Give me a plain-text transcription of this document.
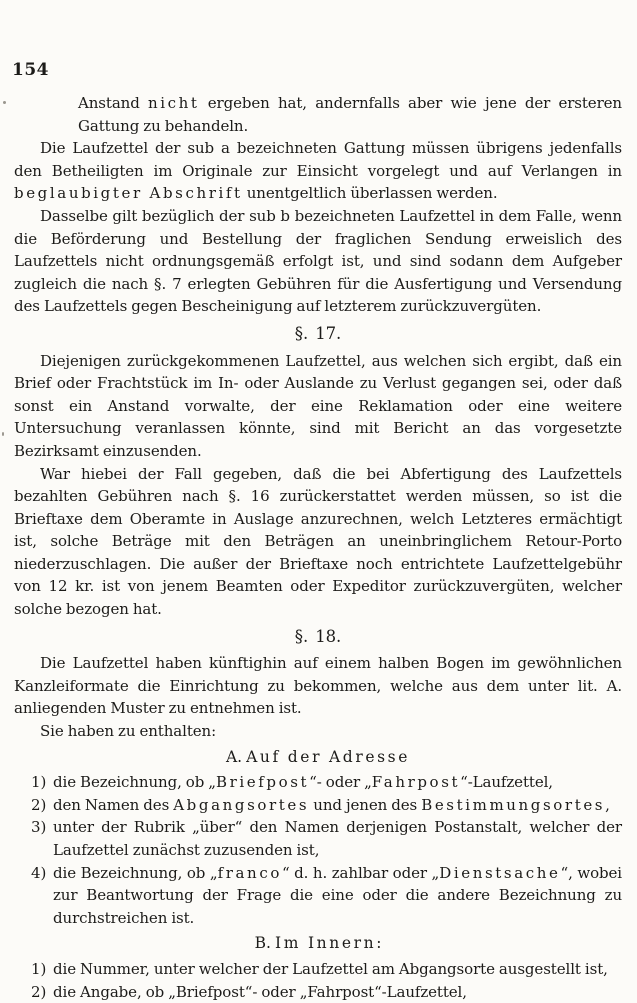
154
Anstand nicht ergeben hat, andernfalls aber wie jene der ersteren Gattung zu behandeln.
Die Laufzettel der sub a bezeichneten Gattung müssen übrigens jedenfalls den Betheiligten im Originale zur Einsicht vorgelegt und auf Verlangen in beglaubigter Abschrift unentgeltlich überlassen werden.
Dasselbe gilt bezüglich der sub b bezeichneten Laufzettel in dem Falle, wenn die Beförderung und Bestellung der fraglichen Sendung erweislich des Laufzettels nicht ordnungsgemäß erfolgt ist, und sind sodann dem Aufgeber zugleich die nach §. 7 erlegten Gebühren für die Ausfertigung und Versendung des Laufzettels gegen Bescheinigung auf letzterem zurückzuvergüten.
§. 17.
Diejenigen zurückgekommenen Laufzettel, aus welchen sich ergibt, daß ein Brief oder Frachtstück im In- oder Auslande zu Verlust gegangen sei, oder daß sonst ein Anstand vorwalte, der eine Reklamation oder eine weitere Untersuchung veranlassen könnte, sind mit Bericht an das vorgesetzte Bezirksamt einzusenden.
War hiebei der Fall gegeben, daß die bei Abfertigung des Laufzettels bezahlten Gebühren nach §. 16 zurückerstattet werden müssen, so ist die Brieftaxe dem Oberamte in Auslage anzurechnen, welch Letzteres ermächtigt ist, solche Beträge mit den Beträgen an uneinbringlichem Retour-Porto niederzuschlagen. Die außer der Brieftaxe noch entrichtete Laufzettelgebühr von 12 kr. ist von jenem Beamten oder Expeditor zurückzuvergüten, welcher solche bezogen hat.
§. 18.
Die Laufzettel haben künftighin auf einem halben Bogen im gewöhnlichen Kanzleiformate die Einrichtung zu bekommen, welche aus dem unter lit. A. anliegenden Muster zu entnehmen ist.
Sie haben zu enthalten:
A. Auf der Adresse
1) die Bezeichnung, ob „Briefpost“- oder „Fahrpost“-Laufzettel,
2) den Namen des Abgangsortes und jenen des Bestimmungsortes,
3) unter der Rubrik „über“ den Namen derjenigen Postanstalt, welcher der Laufzettel zunächst zuzusenden ist,
4) die Bezeichnung, ob „franco“ d. h. zahlbar oder „Dienstsache“, wobei zur Beantwortung der Frage die eine oder die andere Bezeichnung zu durchstreichen ist.
B. Im Innern:
1) die Nummer, unter welcher der Laufzettel am Abgangsorte ausgestellt ist,
2) die Angabe, ob „Briefpost“- oder „Fahrpost“-Laufzettel,
